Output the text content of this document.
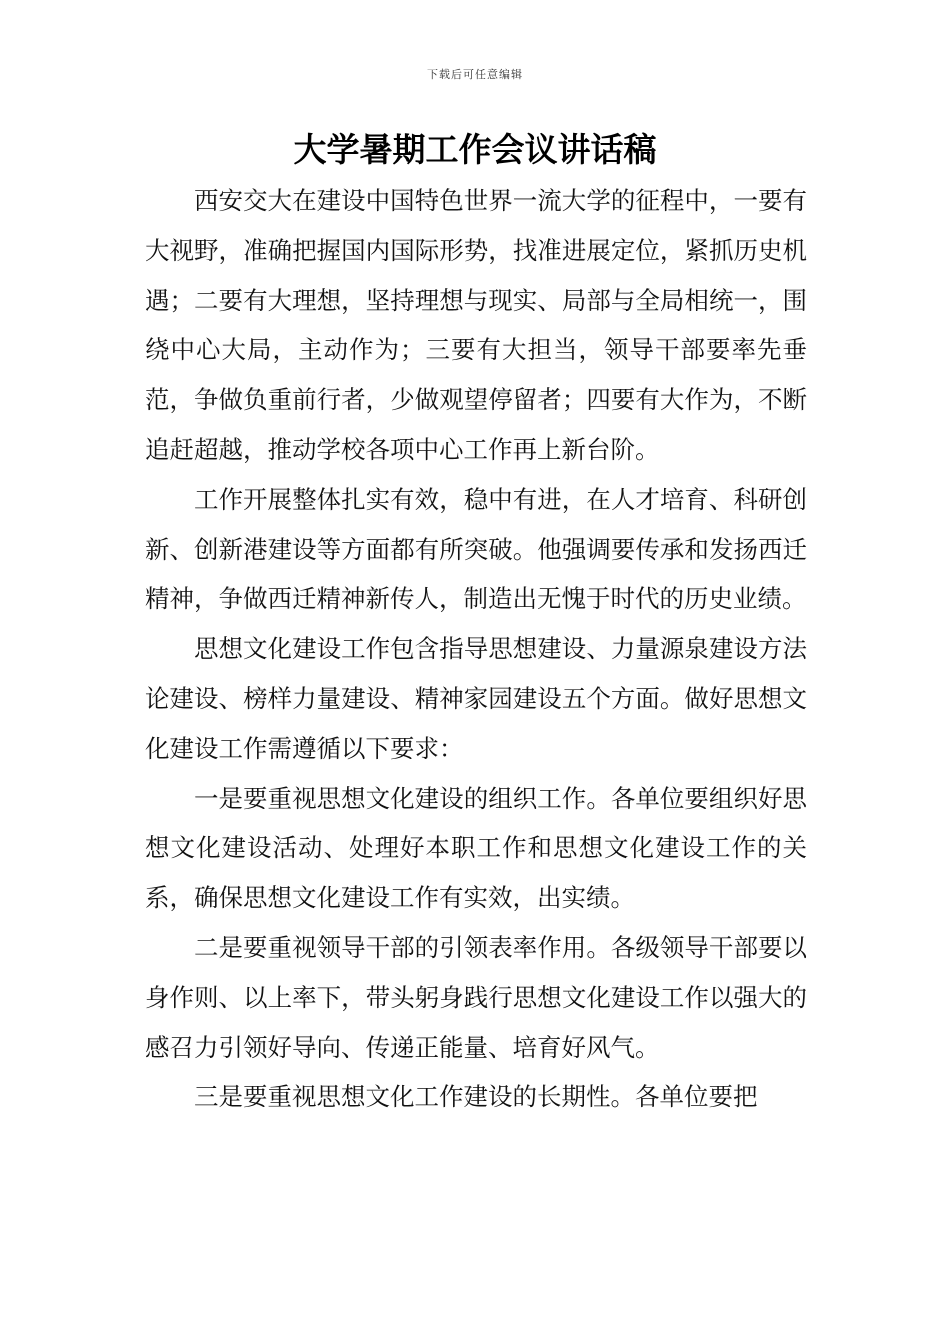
下载后可任意编辑
大学暑期工作会议讲话稿

西安交大在建设中国特色世界一流大学的征程中，一要有大视野，准确把握国内国际形势，找准进展定位，紧抓历史机遇；二要有大理想，坚持理想与现实、局部与全局相统一，围绕中心大局，主动作为；三要有大担当，领导干部要率先垂范，争做负重前行者，少做观望停留者；四要有大作为，不断追赶超越，推动学校各项中心工作再上新台阶。

工作开展整体扎实有效，稳中有进，在人才培育、科研创新、创新港建设等方面都有所突破。他强调要传承和发扬西迁精神，争做西迁精神新传人，制造出无愧于时代的历史业绩。

思想文化建设工作包含指导思想建设、力量源泉建设方法论建设、榜样力量建设、精神家园建设五个方面。做好思想文化建设工作需遵循以下要求：

一是要重视思想文化建设的组织工作。各单位要组织好思想文化建设活动、处理好本职工作和思想文化建设工作的关系，确保思想文化建设工作有实效，出实绩。

二是要重视领导干部的引领表率作用。各级领导干部要以身作则、以上率下，带头躬身践行思想文化建设工作以强大的感召力引领好导向、传递正能量、培育好风气。

三是要重视思想文化工作建设的长期性。各单位要把
